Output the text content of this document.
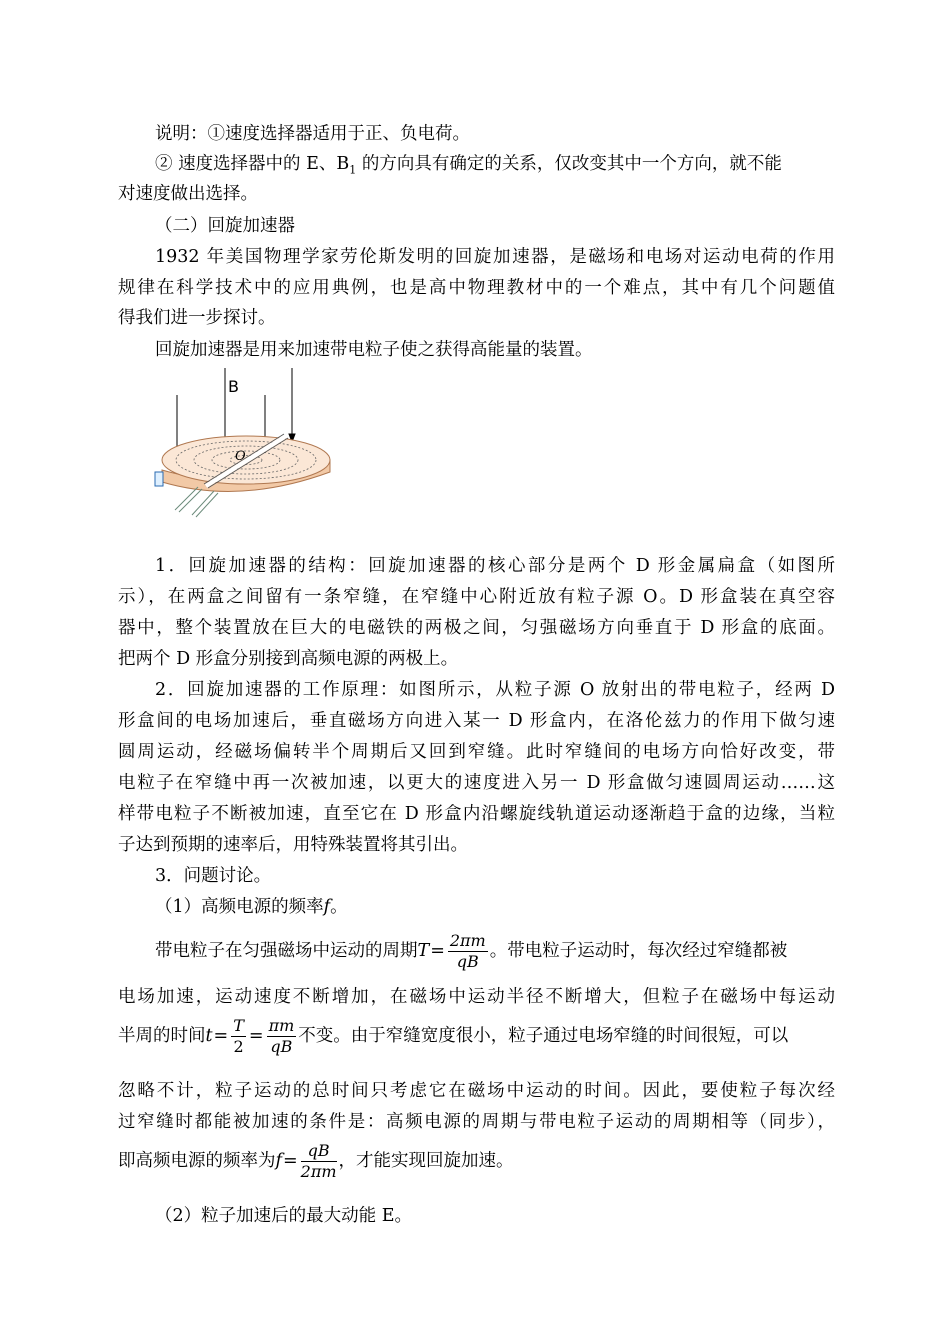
说明：①速度选择器适用于正、负电荷。
② 速度选择器中的 E、$B_1$ 的方向具有确定的关系，仅改变其中一个方向，就不能
对速度做出选择。
（二）回旋加速器
1932 年美国物理学家劳伦斯发明的回旋加速器，是磁场和电场对运动电荷的作用
规律在科学技术中的应用典例，也是高中物理教材中的一个难点，其中有几个问题值
得我们进一步探讨。
回旋加速器是用来加速带电粒子使之获得高能量的装置。
B
O
1．回旋加速器的结构：回旋加速器的核心部分是两个 D 形金属扁盒（如图所
示），在两盒之间留有一条窄缝，在窄缝中心附近放有粒子源 O。D 形盒装在真空容
器中，整个装置放在巨大的电磁铁的两极之间，匀强磁场方向垂直于 D 形盒的底面。
把两个 D 形盒分别接到高频电源的两极上。
2．回旋加速器的工作原理：如图所示，从粒子源 O 放射出的带电粒子，经两 D
形盒间的电场加速后，垂直磁场方向进入某一 D 形盒内，在洛伦兹力的作用下做匀速
圆周运动，经磁场偏转半个周期后又回到窄缝。此时窄缝间的电场方向恰好改变，带
电粒子在窄缝中再一次被加速，以更大的速度进入另一 D 形盒做匀速圆周运动……这
样带电粒子不断被加速，直至它在 D 形盒内沿螺旋线轨道运动逐渐趋于盒的边缘，当粒
子达到预期的速率后，用特殊装置将其引出。
3．问题讨论。
（1）高频电源的频率f。
带电粒子在匀强磁场中运动的周期$T= \frac{2\pi m}{qB}$ 。带电粒子运动时，每次经过窄缝都被
电场加速，运动速度不断增加，在磁场中运动半径不断增大，但粒子在磁场中每运动
半周的时间$t= \frac{T}{2} = \frac{\pi m}{qB}$ 不变。由于窄缝宽度很小，粒子通过电场窄缝的时间很短，可以
忽略不计，粒子运动的总时间只考虑它在磁场中运动的时间。因此，要使粒子每次经
过窄缝时都能被加速的条件是：高频电源的周期与带电粒子运动的周期相等（同步），
即高频电源的频率为$f= \frac{qB}{2\pi m}$ ，才能实现回旋加速。
（2）粒子加速后的最大动能 E。
